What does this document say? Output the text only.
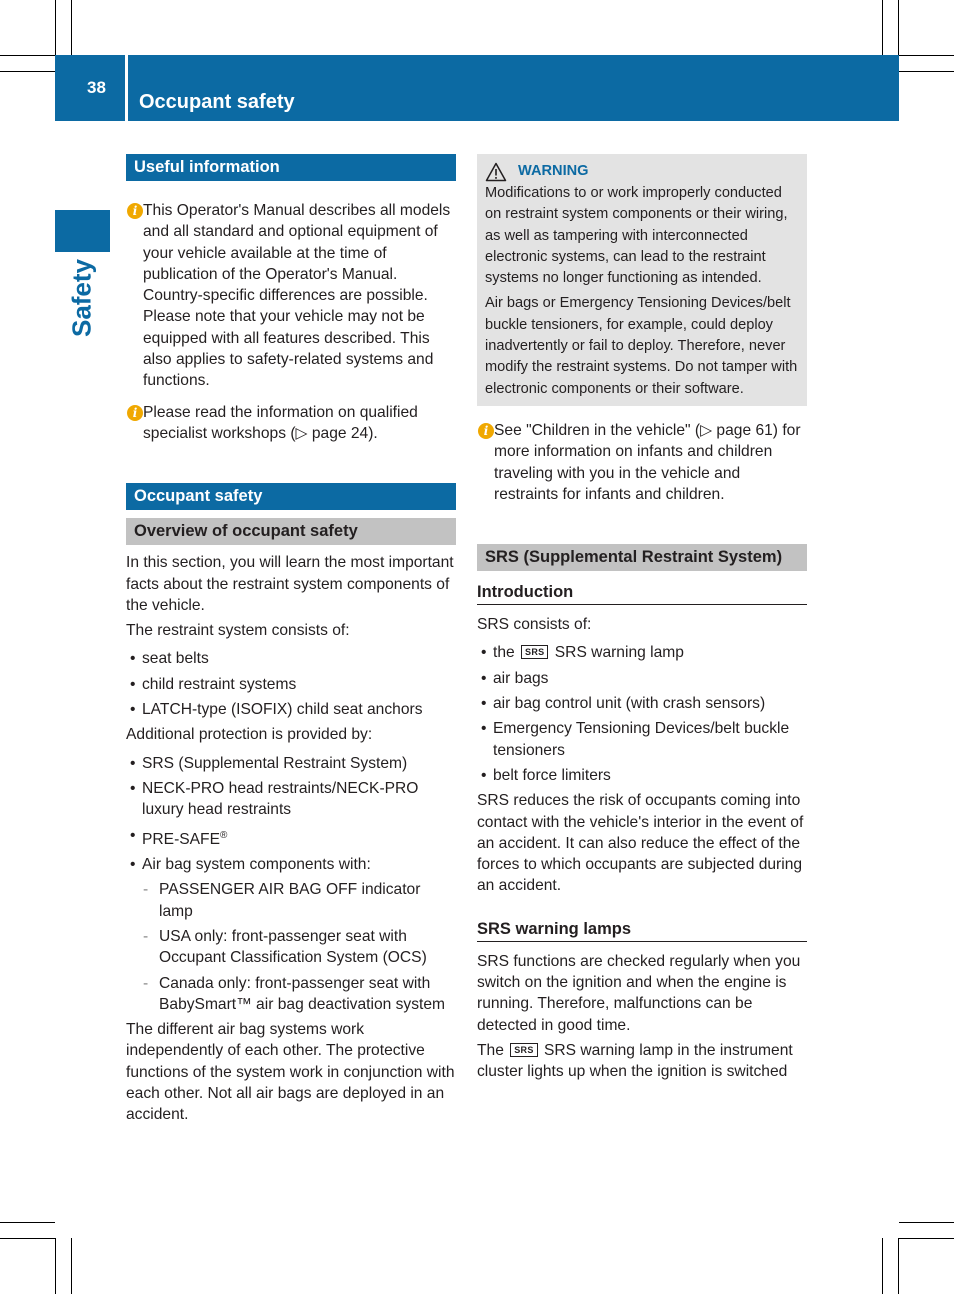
38
Occupant safety
Safety
Useful information
i This Operator's Manual describes all models and all standard and optional equipment of your vehicle available at the time of publication of the Operator's Manual. Country-specific differences are possible. Please note that your vehicle may not be equipped with all features described. This also applies to safety-related systems and functions.

i Please read the information on qualified specialist workshops (▷ page 24).

Occupant safety
Overview of occupant safety

In this section, you will learn the most important facts about the restraint system components of the vehicle.

The restraint system consists of:

• seat belts
• child restraint systems
• LATCH-type (ISOFIX) child seat anchors

Additional protection is provided by:

• SRS (Supplemental Restraint System)
• NECK-PRO head restraints/NECK-PRO luxury head restraints
• PRE-SAFE®
• Air bag system components with:
- PASSENGER AIR BAG OFF indicator lamp
- USA only: front-passenger seat with Occupant Classification System (OCS)
- Canada only: front-passenger seat with BabySmart™ air bag deactivation system

The different air bag systems work independently of each other. The protective functions of the system work in conjunction with each other. Not all air bags are deployed in an accident.

WARNING

Modifications to or work improperly conducted on restraint system components or their wiring, as well as tampering with interconnected electronic systems, can lead to the restraint systems no longer functioning as intended.

Air bags or Emergency Tensioning Devices/belt buckle tensioners, for example, could deploy inadvertently or fail to deploy. Therefore, never modify the restraint systems. Do not tamper with electronic components or their software.

i See "Children in the vehicle" (▷ page 61) for more information on infants and children traveling with you in the vehicle and restraints for infants and children.

SRS (Supplemental Restraint System)
Introduction

SRS consists of:

• the SRS SRS warning lamp
• air bags
• air bag control unit (with crash sensors)
• Emergency Tensioning Devices/belt buckle tensioners
• belt force limiters

SRS reduces the risk of occupants coming into contact with the vehicle's interior in the event of an accident. It can also reduce the effect of the forces to which occupants are subjected during an accident.

SRS warning lamps

SRS functions are checked regularly when you switch on the ignition and when the engine is running. Therefore, malfunctions can be detected in good time.

The SRS SRS warning lamp in the instrument cluster lights up when the ignition is switched
